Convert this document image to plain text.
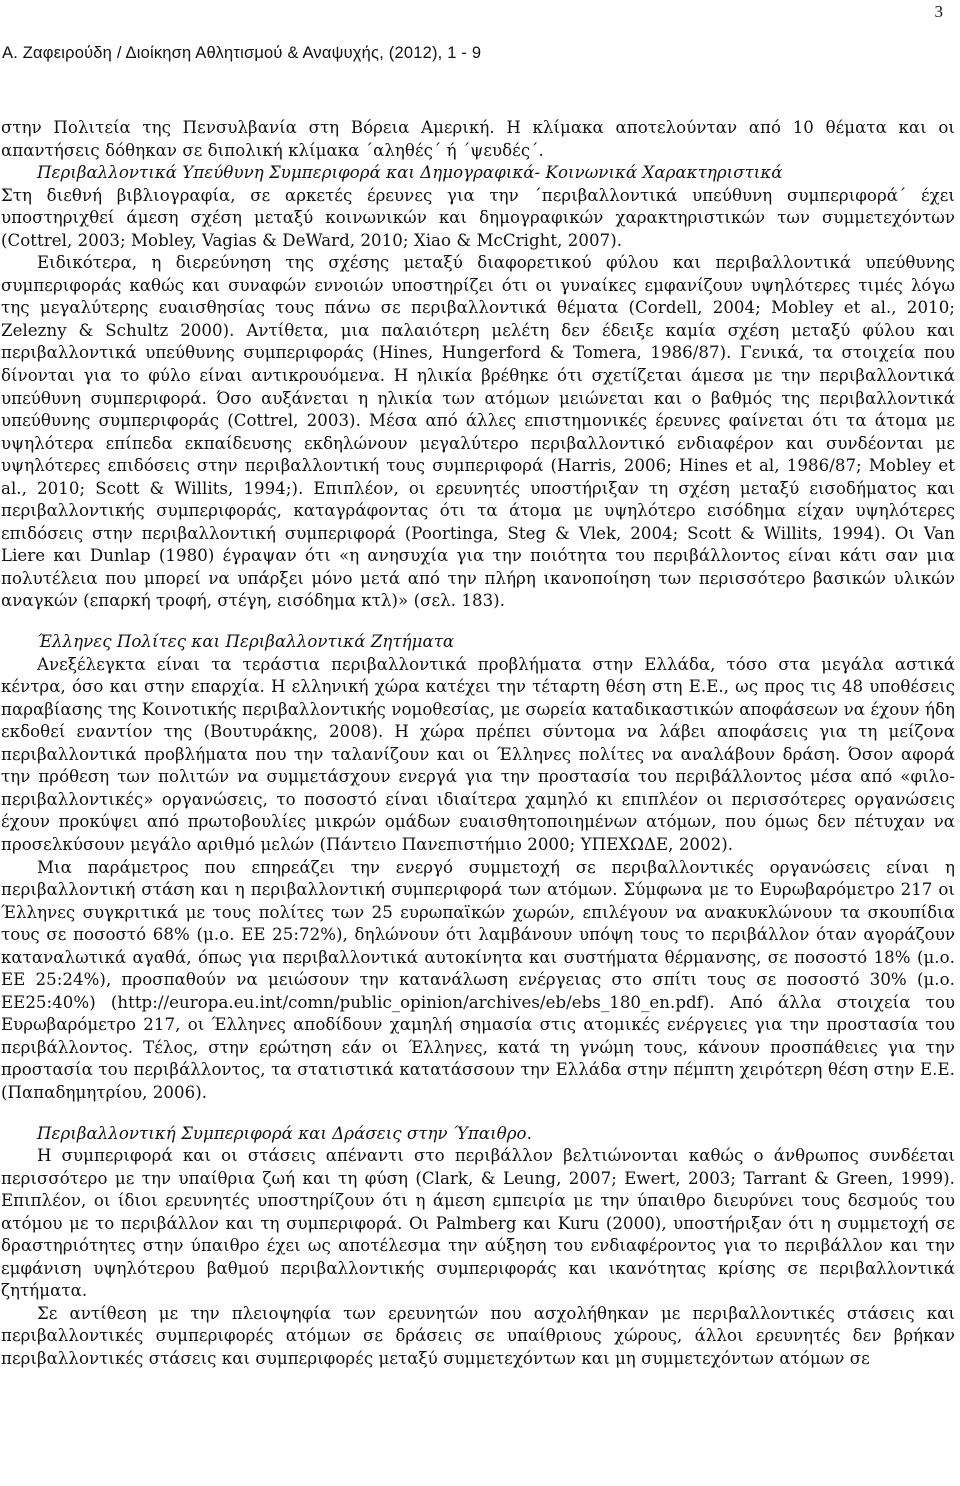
3
Α. Ζαφειρούδη / Διοίκηση Αθλητισμού & Αναψυχής, (2012), 1 - 9

στην Πολιτεία της Πενσυλβανία στη Βόρεια Αμερική. Η κλίμακα αποτελούνταν από 10 θέματα και οι απαντήσεις δόθηκαν σε διπολική κλίμακα ΄αληθές΄ ή ΄ψευδές΄.

Περιβαλλοντικά Υπεύθυνη Συμπεριφορά και Δημογραφικά- Κοινωνικά Χαρακτηριστικά

Στη διεθνή βιβλιογραφία, σε αρκετές έρευνες για την ΄περιβαλλοντικά υπεύθυνη συμπεριφορά΄ έχει υποστηριχθεί άμεση σχέση μεταξύ κοινωνικών και δημογραφικών χαρακτηριστικών των συμμετεχόντων (Cottrel, 2003; Mobley, Vagias & DeWard, 2010; Xiao & McCright, 2007).

Ειδικότερα, η διερεύνηση της σχέσης μεταξύ διαφορετικού φύλου και περιβαλλοντικά υπεύθυνης συμπεριφοράς καθώς και συναφών εννοιών υποστηρίζει ότι οι γυναίκες εμφανίζουν υψηλότερες τιμές λόγω της μεγαλύτερης ευαισθησίας τους πάνω σε περιβαλλοντικά θέματα (Cordell, 2004; Mobley et al., 2010; Zelezny & Schultz 2000). Αντίθετα, μια παλαιότερη μελέτη δεν έδειξε καμία σχέση μεταξύ φύλου και περιβαλλοντικά υπεύθυνης συμπεριφοράς (Hines, Hungerford & Tomera, 1986/87). Γενικά, τα στοιχεία που δίνονται για το φύλο είναι αντικρουόμενα. Η ηλικία βρέθηκε ότι σχετίζεται άμεσα με την περιβαλλοντικά υπεύθυνη συμπεριφορά. Όσο αυξάνεται η ηλικία των ατόμων μειώνεται και ο βαθμός της περιβαλλοντικά υπεύθυνης συμπεριφοράς (Cottrel, 2003). Μέσα από άλλες επιστημονικές έρευνες φαίνεται ότι τα άτομα με υψηλότερα επίπεδα εκπαίδευσης εκδηλώνουν μεγαλύτερο περιβαλλοντικό ενδιαφέρον και συνδέονται με υψηλότερες επιδόσεις στην περιβαλλοντική τους συμπεριφορά (Harris, 2006; Hines et al, 1986/87; Mobley et al., 2010; Scott & Willits, 1994;). Επιπλέον, οι ερευνητές υποστήριξαν τη σχέση μεταξύ εισοδήματος και περιβαλλοντικής συμπεριφοράς, καταγράφοντας ότι τα άτομα με υψηλότερο εισόδημα είχαν υψηλότερες επιδόσεις στην περιβαλλοντική συμπεριφορά (Poortinga, Steg & Vlek, 2004; Scott & Willits, 1994). Οι Van Liere και Dunlap (1980) έγραψαν ότι «η ανησυχία για την ποιότητα του περιβάλλοντος είναι κάτι σαν μια πολυτέλεια που μπορεί να υπάρξει μόνο μετά από την πλήρη ικανοποίηση των περισσότερο βασικών υλικών αναγκών (επαρκή τροφή, στέγη, εισόδημα κτλ)» (σελ. 183).

Έλληνες Πολίτες και Περιβαλλοντικά Ζητήματα

Ανεξέλεγκτα είναι τα τεράστια περιβαλλοντικά προβλήματα στην Ελλάδα, τόσο στα μεγάλα αστικά κέντρα, όσο και στην επαρχία. Η ελληνική χώρα κατέχει την τέταρτη θέση στη Ε.Ε., ως προς τις 48 υποθέσεις παραβίασης της Κοινοτικής περιβαλλοντικής νομοθεσίας, με σωρεία καταδικαστικών αποφάσεων να έχουν ήδη εκδοθεί εναντίον της (Βουτυράκης, 2008). Η χώρα πρέπει σύντομα να λάβει αποφάσεις για τη μείζονα περιβαλλοντικά προβλήματα που την ταλανίζουν και οι Έλληνες πολίτες να αναλάβουν δράση. Όσον αφορά την πρόθεση των πολιτών να συμμετάσχουν ενεργά για την προστασία του περιβάλλοντος μέσα από «φιλο-περιβαλλοντικές» οργανώσεις, το ποσοστό είναι ιδιαίτερα χαμηλό κι επιπλέον οι περισσότερες οργανώσεις έχουν προκύψει από πρωτοβουλίες μικρών ομάδων ευαισθητοποιημένων ατόμων, που όμως δεν πέτυχαν να προσελκύσουν μεγάλο αριθμό μελών (Πάντειο Πανεπιστήμιο 2000; ΥΠΕΧΩΔΕ, 2002).

Μια παράμετρος που επηρεάζει την ενεργό συμμετοχή σε περιβαλλοντικές οργανώσεις είναι η περιβαλλοντική στάση και η περιβαλλοντική συμπεριφορά των ατόμων. Σύμφωνα με το Ευρωβαρόμετρο 217 οι Έλληνες συγκριτικά με τους πολίτες των 25 ευρωπαϊκών χωρών, επιλέγουν να ανακυκλώνουν τα σκουπίδια τους σε ποσοστό 68% (μ.ο. ΕΕ 25:72%), δηλώνουν ότι λαμβάνουν υπόψη τους το περιβάλλον όταν αγοράζουν καταναλωτικά αγαθά, όπως για περιβαλλοντικά αυτοκίνητα και συστήματα θέρμανσης, σε ποσοστό 18% (μ.ο. ΕΕ 25:24%), προσπαθούν να μειώσουν την κατανάλωση ενέργειας στο σπίτι τους σε ποσοστό 30% (μ.ο. ΕΕ25:40%) (http://europa.eu.int/comn/public_opinion/archives/eb/ebs_180_en.pdf). Από άλλα στοιχεία του Ευρωβαρόμετρο 217, οι Έλληνες αποδίδουν χαμηλή σημασία στις ατομικές ενέργειες για την προστασία του περιβάλλοντος. Τέλος, στην ερώτηση εάν οι Έλληνες, κατά τη γνώμη τους, κάνουν προσπάθειες για την προστασία του περιβάλλοντος, τα στατιστικά κατατάσσουν την Ελλάδα στην πέμπτη χειρότερη θέση στην Ε.Ε. (Παπαδημητρίου, 2006).

Περιβαλλοντική Συμπεριφορά και Δράσεις στην Ύπαιθρο.

Η συμπεριφορά και οι στάσεις απέναντι στο περιβάλλον βελτιώνονται καθώς ο άνθρωπος συνδέεται περισσότερο με την υπαίθρια ζωή και τη φύση (Clark, & Leung, 2007; Ewert, 2003; Tarrant & Green, 1999). Επιπλέον, οι ίδιοι ερευνητές υποστηρίζουν ότι η άμεση εμπειρία με την ύπαιθρο διευρύνει τους δεσμούς του ατόμου με το περιβάλλον και τη συμπεριφορά. Οι Palmberg και Kuru (2000), υποστήριξαν ότι η συμμετοχή σε δραστηριότητες στην ύπαιθρο έχει ως αποτέλεσμα την αύξηση του ενδιαφέροντος για το περιβάλλον και την εμφάνιση υψηλότερου βαθμού περιβαλλοντικής συμπεριφοράς και ικανότητας κρίσης σε περιβαλλοντικά ζητήματα.

Σε αντίθεση με την πλειοψηφία των ερευνητών που ασχολήθηκαν με περιβαλλοντικές στάσεις και περιβαλλοντικές συμπεριφορές ατόμων σε δράσεις σε υπαίθριους χώρους, άλλοι ερευνητές δεν βρήκαν περιβαλλοντικές στάσεις και συμπεριφορές μεταξύ συμμετεχόντων και μη συμμετεχόντων ατόμων σε
